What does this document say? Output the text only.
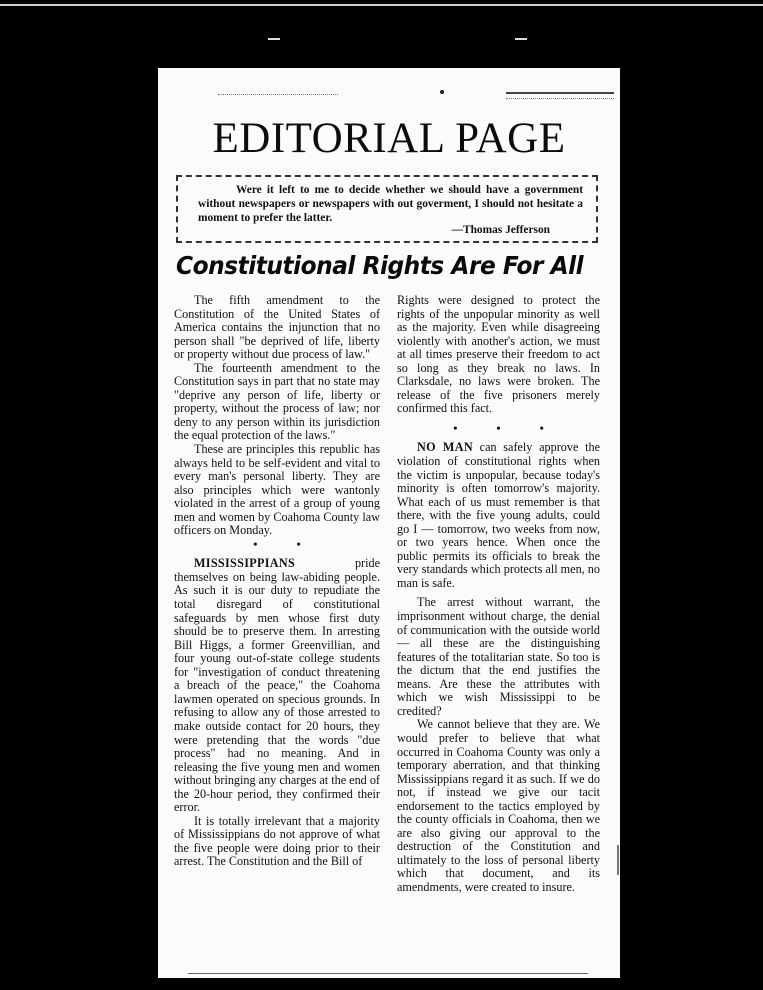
EDITORIAL PAGE
Were it left to me to decide whether we should have a government without newspapers or newspapers with out goverment, I should not hesitate a moment to prefer the latter.
—Thomas Jefferson
Constitutional Rights Are For All

The fifth amendment to the Constitution of the United States of America contains the injunction that no person shall "be deprived of life, liberty or property without due process of law."

The fourteenth amendment to the Constitution says in part that no state may "deprive any person of life, liberty or property, without the process of law; nor deny to any person within its jurisdiction the equal protection of the laws."

These are principles this republic has always held to be self-evident and vital to every man's personal liberty. They are also principles which were wantonly violated in the arrest of a group of young men and women by Coahoma County law officers on Monday.

• •

MISSISSIPPIANS pride themselves on being law-abiding people. As such it is our duty to repudiate the total disregard of constitutional safeguards by men whose first duty should be to preserve them. In arresting Bill Higgs, a former Greenvillian, and four young out-of-state college students for "investigation of conduct threatening a breach of the peace," the Coahoma lawmen operated on specious grounds. In refusing to allow any of those arrested to make outside contact for 20 hours, they were pretending that the words "due process" had no meaning. And in releasing the five young men and women without bringing any charges at the end of the 20-hour period, they confirmed their error.

It is totally irrelevant that a majority of Mississippians do not approve of what the five people were doing prior to their arrest. The Constitution and the Bill of

Rights were designed to protect the rights of the unpopular minority as well as the majority. Even while disagreeing violently with another's action, we must at all times preserve their freedom to act so long as they break no laws. In Clarksdale, no laws were broken. The release of the five prisoners merely confirmed this fact.

• • •

NO MAN can safely approve the violation of constitutional rights when the victim is unpopular, because today's minority is often tomorrow's majority. What each of us must remember is that there, with the five young adults, could go I — tomorrow, two weeks from now, or two years hence. When once the public permits its officials to break the very standards which protects all men, no man is safe.

The arrest without warrant, the imprisonment without charge, the denial of communication with the outside world — all these are the distinguishing features of the totalitarian state. So too is the dictum that the end justifies the means. Are these the attributes with which we wish Mississippi to be credited?

We cannot believe that they are. We would prefer to believe that what occurred in Coahoma County was only a temporary aberration, and that thinking Mississippians regard it as such. If we do not, if instead we give our tacit endorsement to the tactics employed by the county officials in Coahoma, then we are also giving our approval to the destruction of the Constitution and ultimately to the loss of personal liberty which that document, and its amendments, were created to insure.
